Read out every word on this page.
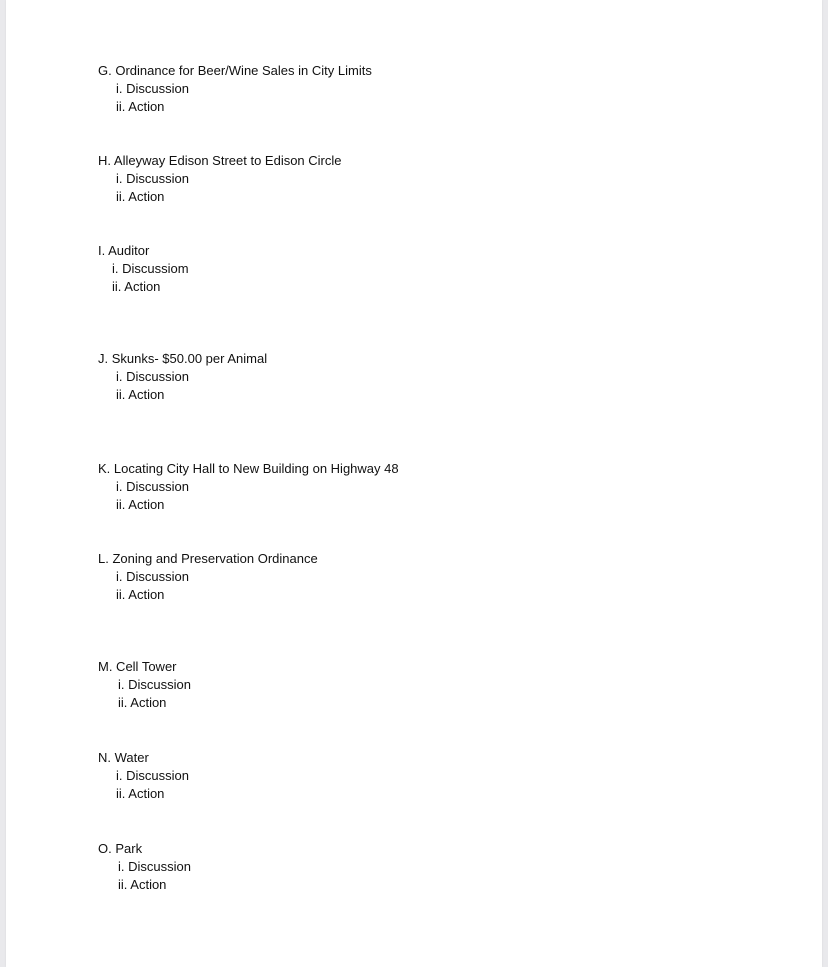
G. Ordinance for Beer/Wine Sales in City Limits
i. Discussion
ii. Action
H. Alleyway Edison Street to Edison Circle
i. Discussion
ii. Action
I. Auditor
i. Discussiom
ii. Action
J. Skunks- $50.00 per Animal
i. Discussion
ii. Action
K. Locating City Hall to New Building on Highway 48
i. Discussion
ii. Action
L. Zoning and Preservation Ordinance
i. Discussion
ii. Action
M. Cell Tower
i. Discussion
ii. Action
N. Water
i. Discussion
ii. Action
O. Park
i. Discussion
ii. Action
